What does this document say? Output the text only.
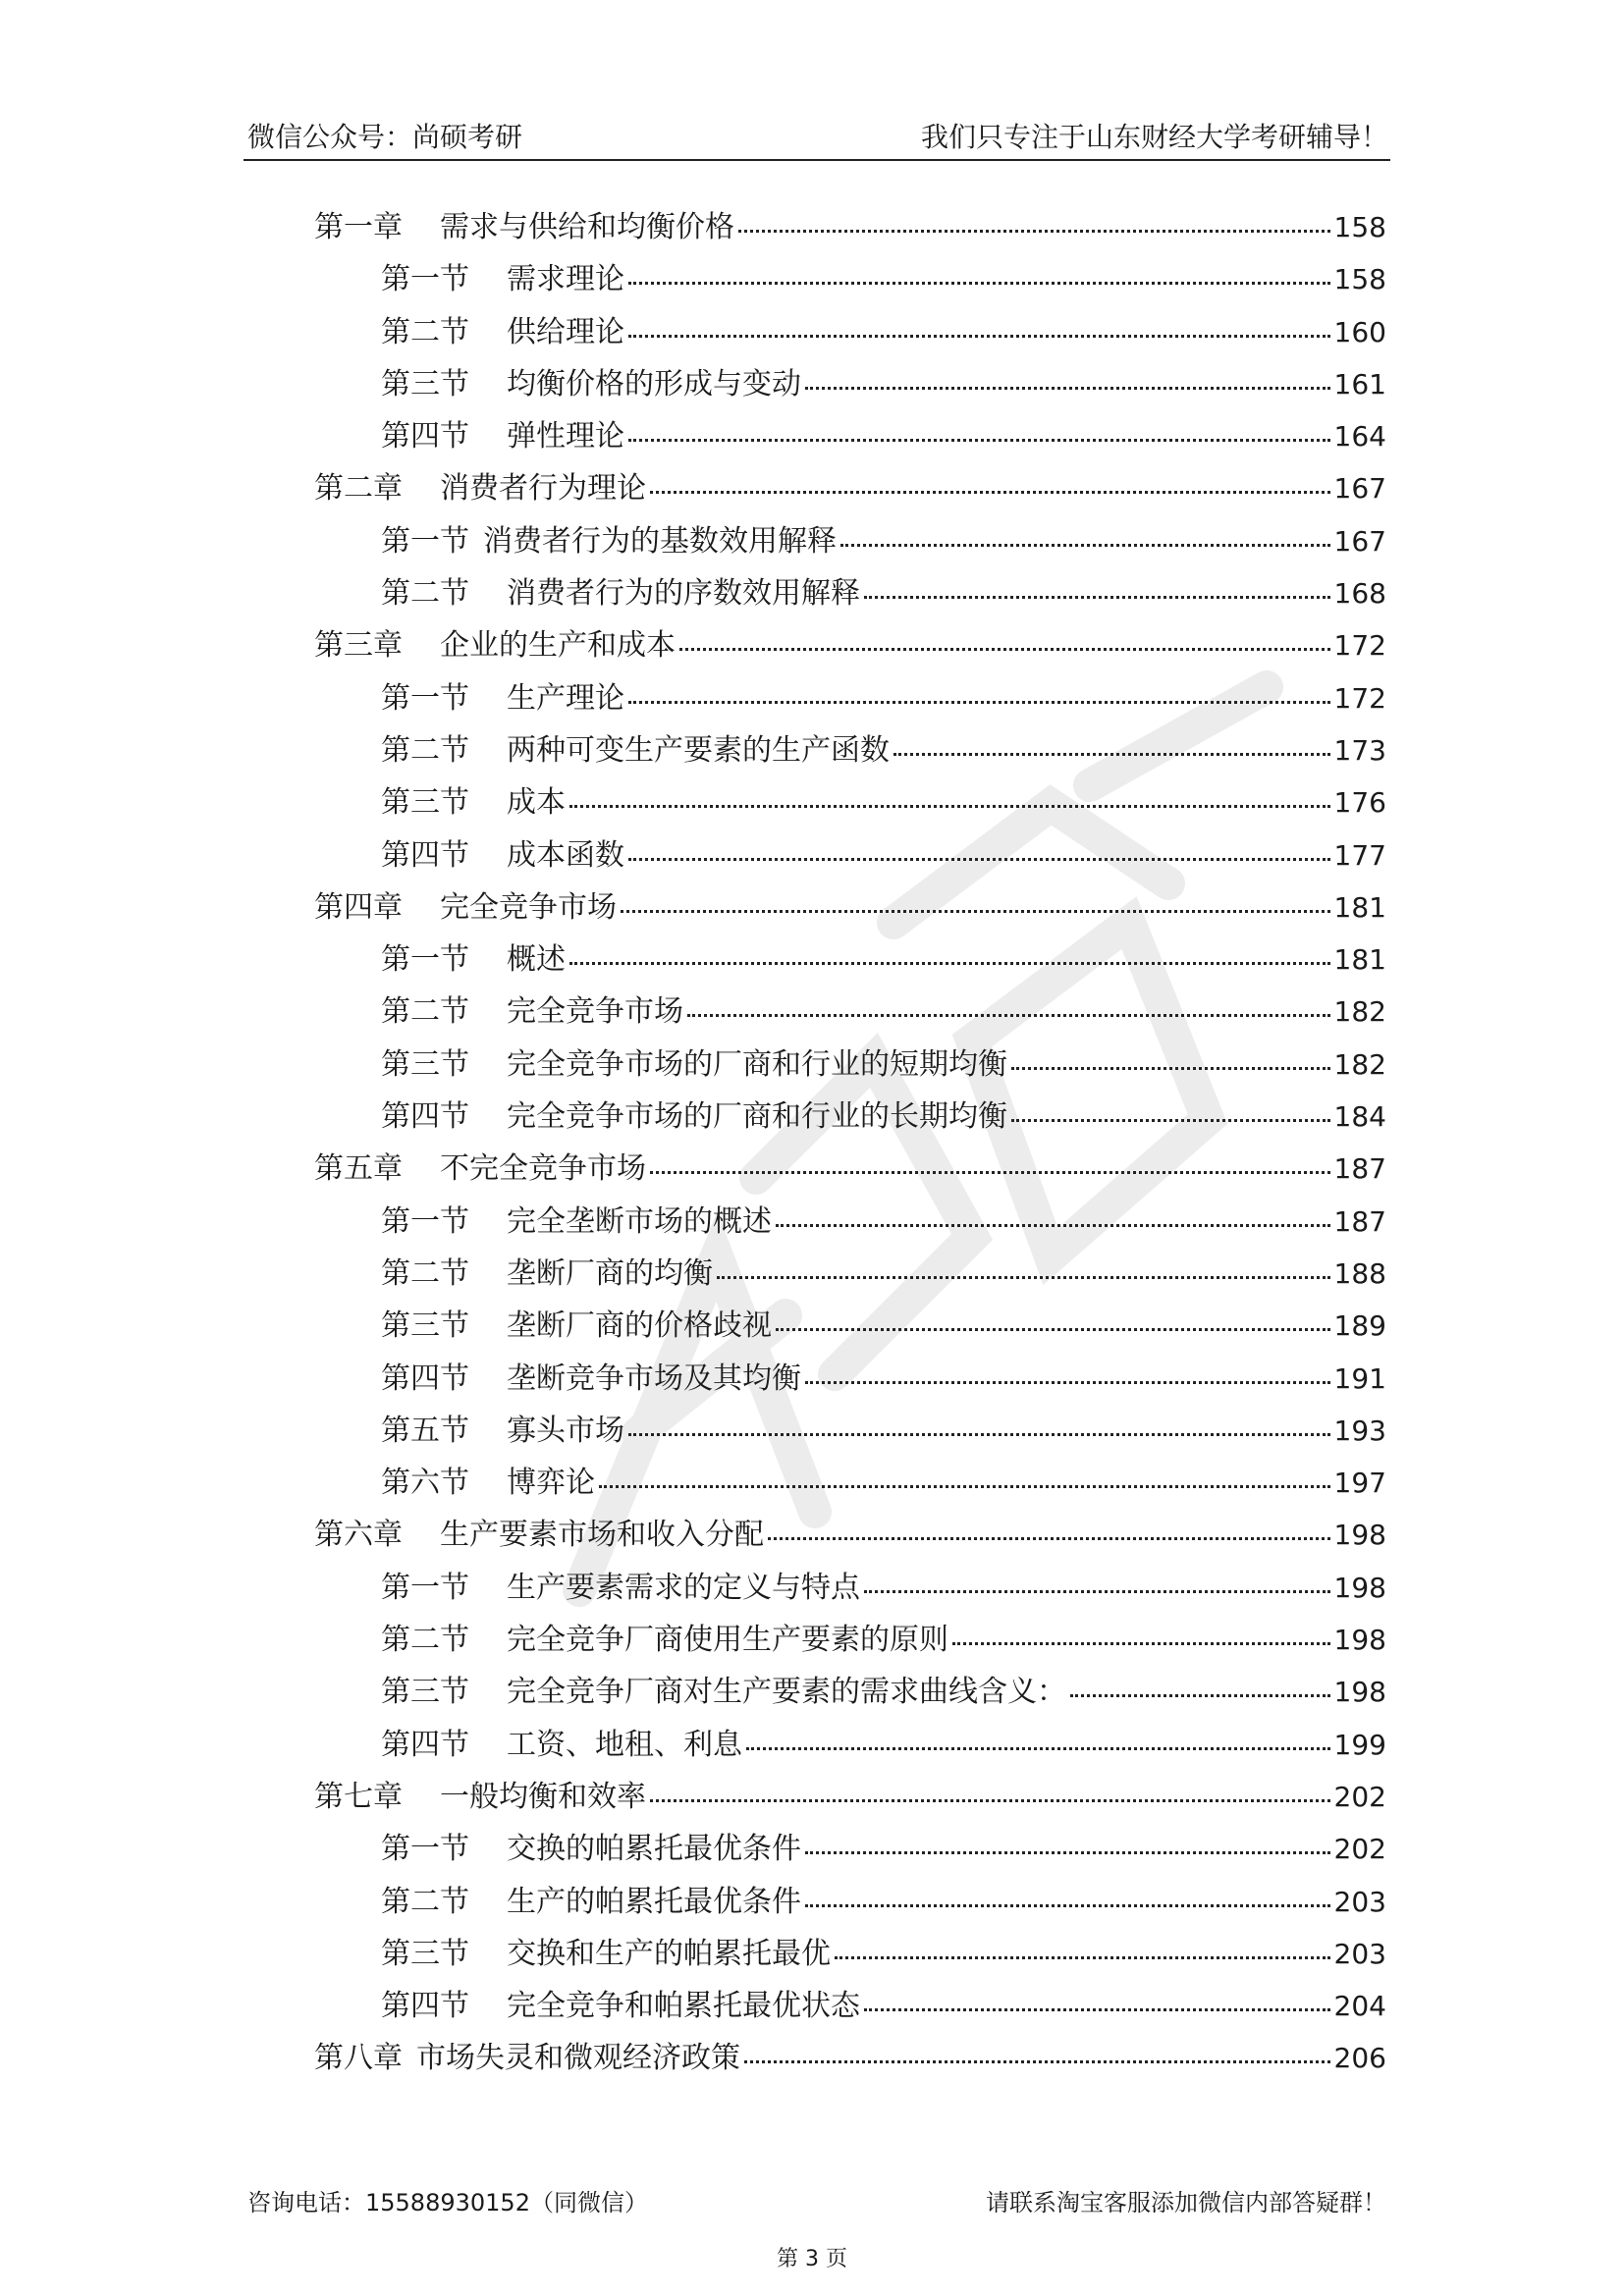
微信公众号：尚硕考研	我们只专注于山东财经大学考研辅导！
第一章 需求与供给和均衡价格	158
第一节 需求理论	158
第二节 供给理论	160
第三节 均衡价格的形成与变动	161
第四节 弹性理论	164
第二章 消费者行为理论	167
第一节 消费者行为的基数效用解释	167
第二节 消费者行为的序数效用解释	168
第三章 企业的生产和成本	172
第一节 生产理论	172
第二节 两种可变生产要素的生产函数	173
第三节 成本	176
第四节 成本函数	177
第四章 完全竞争市场	181
第一节 概述	181
第二节 完全竞争市场	182
第三节 完全竞争市场的厂商和行业的短期均衡	182
第四节 完全竞争市场的厂商和行业的长期均衡	184
第五章 不完全竞争市场	187
第一节 完全垄断市场的概述	187
第二节 垄断厂商的均衡	188
第三节 垄断厂商的价格歧视	189
第四节 垄断竞争市场及其均衡	191
第五节 寡头市场	193
第六节 博弈论	197
第六章 生产要素市场和收入分配	198
第一节 生产要素需求的定义与特点	198
第二节 完全竞争厂商使用生产要素的原则	198
第三节 完全竞争厂商对生产要素的需求曲线含义：	198
第四节 工资、地租、利息	199
第七章 一般均衡和效率	202
第一节 交换的帕累托最优条件	202
第二节 生产的帕累托最优条件	203
第三节 交换和生产的帕累托最优	203
第四节 完全竞争和帕累托最优状态	204
第八章 市场失灵和微观经济政策	206
咨询电话：15588930152（同微信）	请联系淘宝客服添加微信内部答疑群！
第 3 页
